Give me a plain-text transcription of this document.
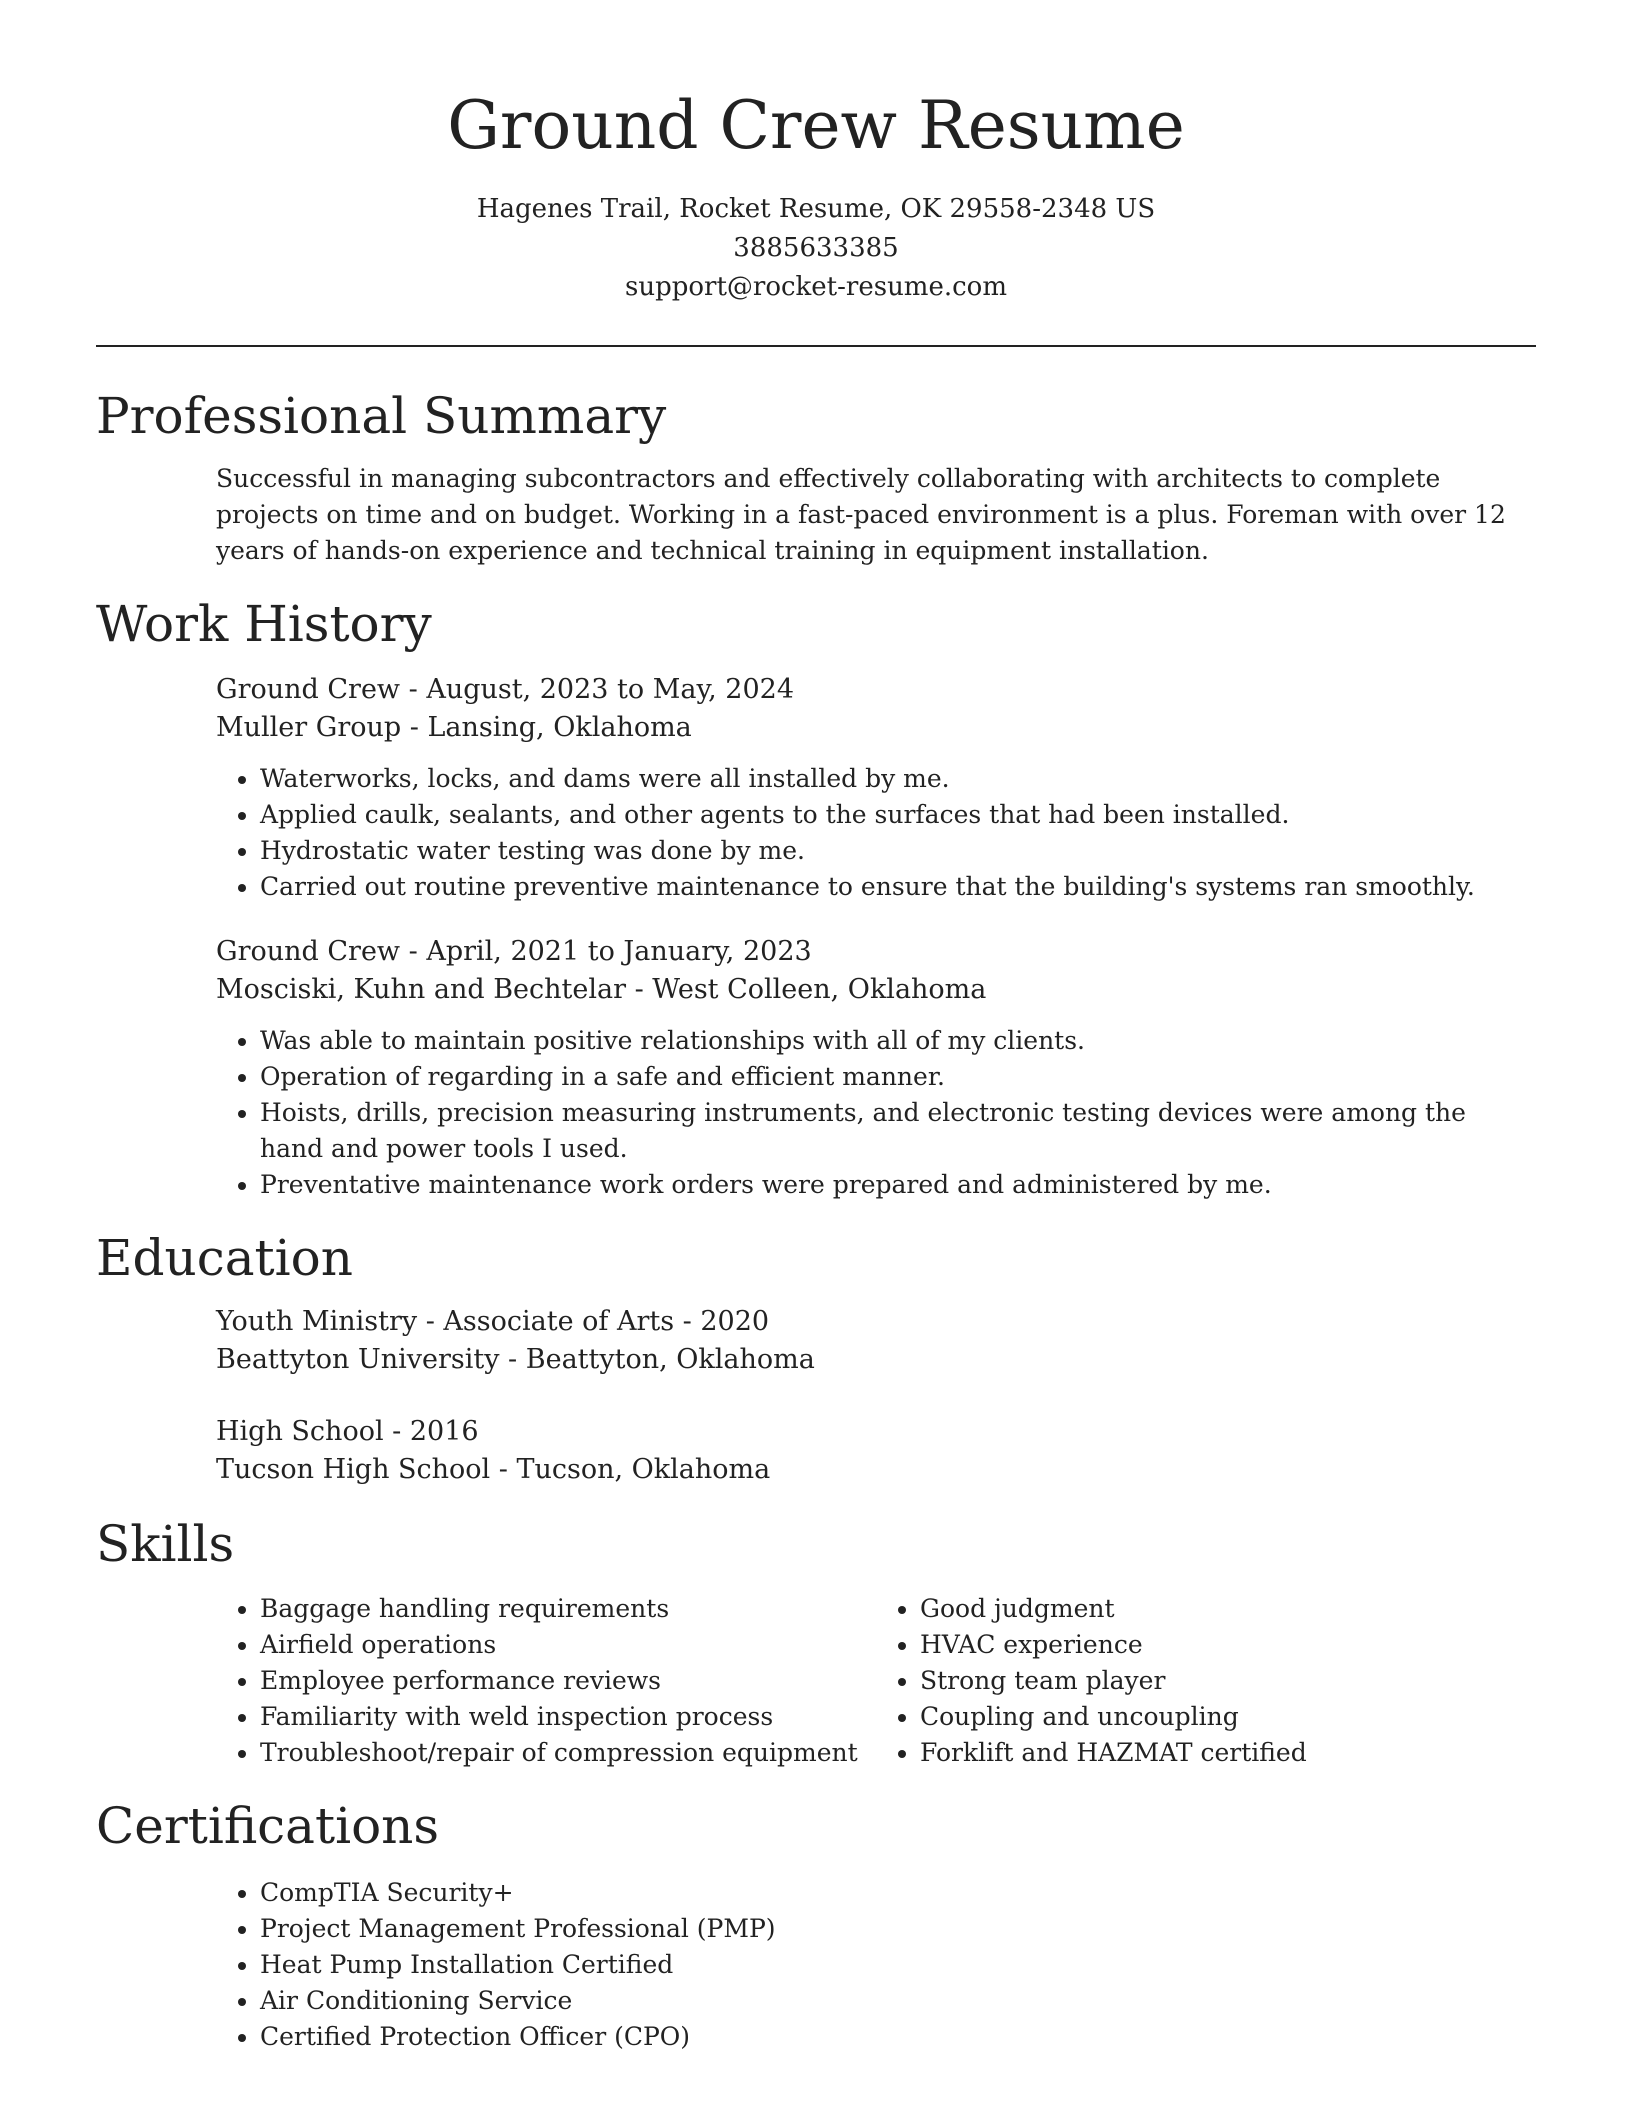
Ground Crew Resume
Hagenes Trail, Rocket Resume, OK 29558-2348 US
3885633385
support@rocket-resume.com
Professional Summary

Successful in managing subcontractors and effectively collaborating with architects to complete projects on time and on budget. Working in a fast-paced environment is a plus. Foreman with over 12 years of hands-on experience and technical training in equipment installation.

Work History
Ground Crew - August, 2023 to May, 2024
Muller Group - Lansing, Oklahoma
• Waterworks, locks, and dams were all installed by me.
• Applied caulk, sealants, and other agents to the surfaces that had been installed.
• Hydrostatic water testing was done by me.
• Carried out routine preventive maintenance to ensure that the building's systems ran smoothly.
Ground Crew - April, 2021 to January, 2023
Mosciski, Kuhn and Bechtelar - West Colleen, Oklahoma
• Was able to maintain positive relationships with all of my clients.
• Operation of regarding in a safe and efficient manner.
• Hoists, drills, precision measuring instruments, and electronic testing devices were among the hand and power tools I used.
• Preventative maintenance work orders were prepared and administered by me.
Education
Youth Ministry - Associate of Arts - 2020
Beattyton University - Beattyton, Oklahoma
High School - 2016
Tucson High School - Tucson, Oklahoma
Skills
• Baggage handling requirements
• Airfield operations
• Employee performance reviews
• Familiarity with weld inspection process
• Troubleshoot/repair of compression equipment
• Good judgment
• HVAC experience
• Strong team player
• Coupling and uncoupling
• Forklift and HAZMAT certified
Certifications
• CompTIA Security+
• Project Management Professional (PMP)
• Heat Pump Installation Certified
• Air Conditioning Service
• Certified Protection Officer (CPO)
